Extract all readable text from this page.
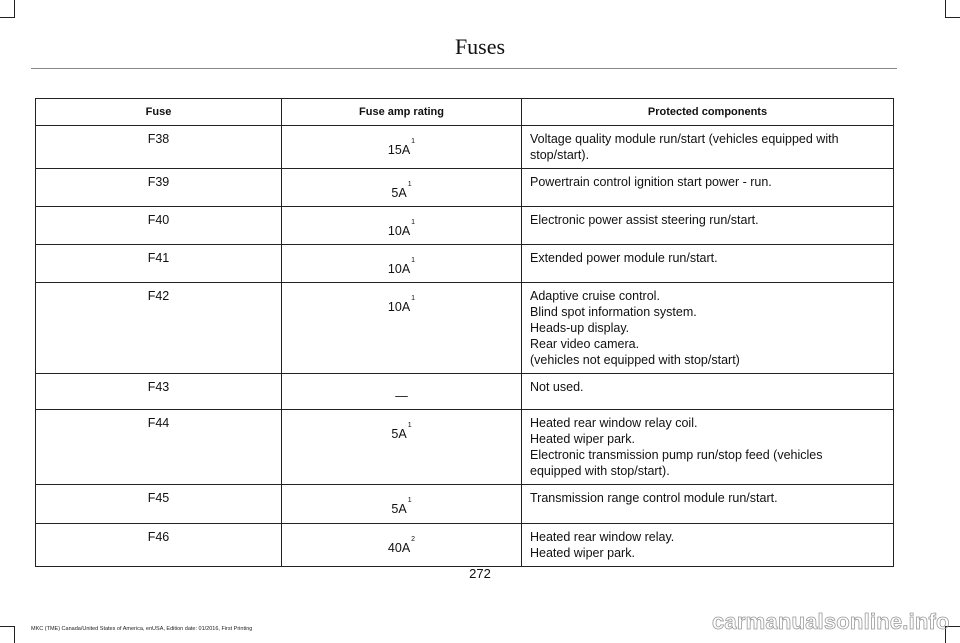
Fuses
Fuse	Fuse amp rating	Protected components
F38	$15A^1$	Voltage quality module run/start (vehicles equipped with
stop/start).

F39	$5A^1$	Powertrain control ignition start power - run.

F40	$10A^1$	Electronic power assist steering run/start.

F41	$10A^1$	Extended power module run/start.

F42	$10A^1$	Adaptive cruise control.
Blind spot information system.
Heads-up display.
Rear video camera.
(vehicles not equipped with stop/start)

F43	—	Not used.

F44	$5A^1$	Heated rear window relay coil.
Heated wiper park.
Electronic transmission pump run/stop feed (vehicles
equipped with stop/start).

F45	$5A^1$	Transmission range control module run/start.

F46	$40A^2$	Heated rear window relay.
Heated wiper park.
272
MKC (TME) Canada/United States of America, enUSA, Edition date: 01/2016, First Printing	carmanualsonline.info
